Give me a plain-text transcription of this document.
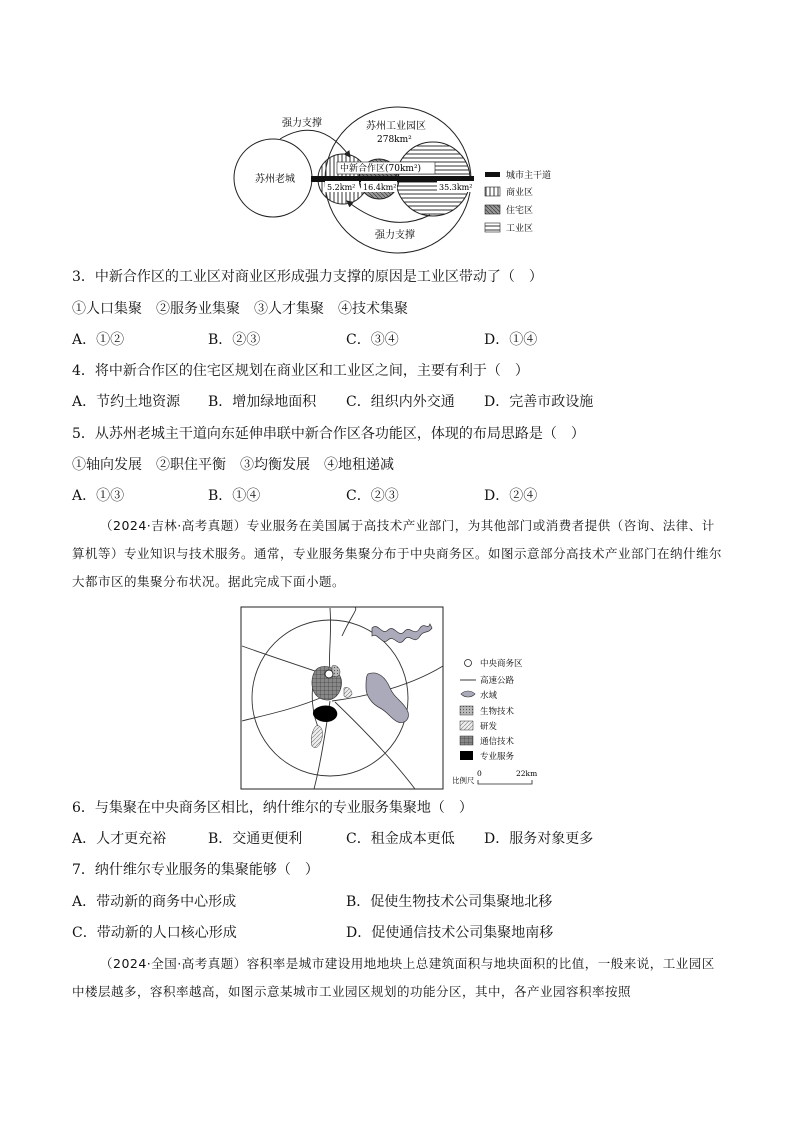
苏州老城
苏州工业园区
278km²
中新合作区(70km²)
5.2km² 16.4km²	35.3km²
强力支撑
强力支撑
城市主干道
商业区
住宅区
工业区
3．中新合作区的工业区对商业区形成强力支撑的原因是工业区带动了（　）
①人口集聚　②服务业集聚　③人才集聚　④技术集聚
A．①②	B．②③	C．③④	D．①④
4．将中新合作区的住宅区规划在商业区和工业区之间，主要有利于（　）
A．节约土地资源 B．增加绿地面积 C．组织内外交通 D．完善市政设施
5．从苏州老城主干道向东延伸串联中新合作区各功能区，体现的布局思路是（　）
①轴向发展　②职住平衡　③均衡发展　④地租递减
A．①③	B．①④	C．②③	D．②④
（2024·吉林·高考真题）专业服务在美国属于高技术产业部门，为其他部门或消费者提供（咨询、法律、计算机等）专业知识与技术服务。通常，专业服务集聚分布于中央商务区。如图示意部分高技术产业部门在纳什维尔大都市区的集聚分布状况。据此完成下面小题。
中央商务区
高速公路
水域
生物技术
研发
通信技术
专业服务
比例尺
0	22km
6．与集聚在中央商务区相比，纳什维尔的专业服务集聚地（　）
A．人才更充裕	B．交通更便利	C．租金成本更低 D．服务对象更多
7．纳什维尔专业服务的集聚能够（　）
A．带动新的商务中心形成	B．促使生物技术公司集聚地北移
C．带动新的人口核心形成	D．促使通信技术公司集聚地南移
（2024·全国·高考真题）容积率是城市建设用地地块上总建筑面积与地块面积的比值，一般来说，工业园区中楼层越多，容积率越高，如图示意某城市工业园区规划的功能分区，其中，各产业园容积率按照
